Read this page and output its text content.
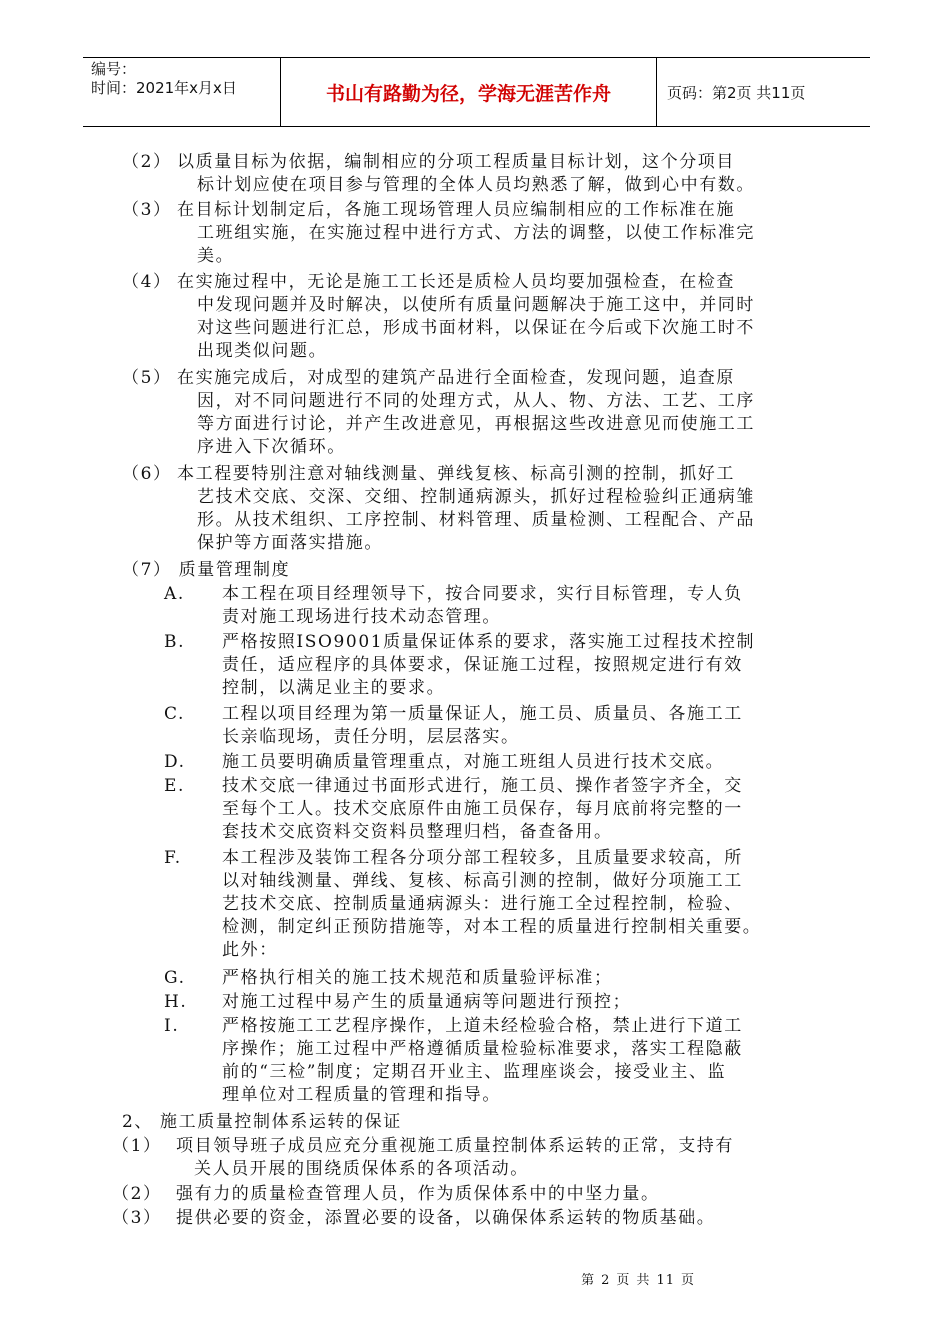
编号：
时间：2021年x月x日	书山有路勤为径，学海无涯苦作舟	页码：第2页 共11页
（2） 以质量目标为依据，编制相应的分项工程质量目标计划，这个分项目
标计划应使在项目参与管理的全体人员均熟悉了解，做到心中有数。
（3） 在目标计划制定后，各施工现场管理人员应编制相应的工作标准在施
工班组实施，在实施过程中进行方式、方法的调整，以使工作标准完
美。
（4） 在实施过程中，无论是施工工长还是质检人员均要加强检查，在检查
中发现问题并及时解决，以使所有质量问题解决于施工这中，并同时
对这些问题进行汇总，形成书面材料，以保证在今后或下次施工时不
出现类似问题。
（5） 在实施完成后，对成型的建筑产品进行全面检查，发现问题，追查原
因，对不同问题进行不同的处理方式，从人、物、方法、工艺、工序
等方面进行讨论，并产生改进意见，再根据这些改进意见而使施工工
序进入下次循环。
（6） 本工程要特别注意对轴线测量、弹线复核、标高引测的控制，抓好工
艺技术交底、交深、交细、控制通病源头，抓好过程检验纠正通病雏
形。从技术组织、工序控制、材料管理、质量检测、工程配合、产品
保护等方面落实措施。
（7） 质量管理制度
A. 本工程在项目经理领导下，按合同要求，实行目标管理，专人负
责对施工现场进行技术动态管理。
B. 严格按照ISO9001质量保证体系的要求，落实施工过程技术控制
责任，适应程序的具体要求，保证施工过程，按照规定进行有效
控制，以满足业主的要求。
C. 工程以项目经理为第一质量保证人，施工员、质量员、各施工工
长亲临现场，责任分明，层层落实。
D. 施工员要明确质量管理重点，对施工班组人员进行技术交底。
E. 技术交底一律通过书面形式进行，施工员、操作者签字齐全，交
至每个工人。技术交底原件由施工员保存，每月底前将完整的一
套技术交底资料交资料员整理归档，备查备用。
F. 本工程涉及装饰工程各分项分部工程较多，且质量要求较高，所
以对轴线测量、弹线、复核、标高引测的控制，做好分项施工工
艺技术交底、控制质量通病源头：进行施工全过程控制，检验、
检测，制定纠正预防措施等，对本工程的质量进行控制相关重要。
此外：
G. 严格执行相关的施工技术规范和质量验评标准；
H. 对施工过程中易产生的质量通病等问题进行预控；
I.	严格按施工工艺程序操作，上道未经检验合格，禁止进行下道工
序操作；施工过程中严格遵循质量检验标准要求，落实工程隐蔽
前的“三检”制度；定期召开业主、监理座谈会，接受业主、监
理单位对工程质量的管理和指导。
2、 施工质量控制体系运转的保证
（1） 项目领导班子成员应充分重视施工质量控制体系运转的正常，支持有
关人员开展的围绕质保体系的各项活动。
（2） 强有力的质量检查管理人员，作为质保体系中的中坚力量。
（3） 提供必要的资金，添置必要的设备，以确保体系运转的物质基础。
第 2 页 共 11 页
